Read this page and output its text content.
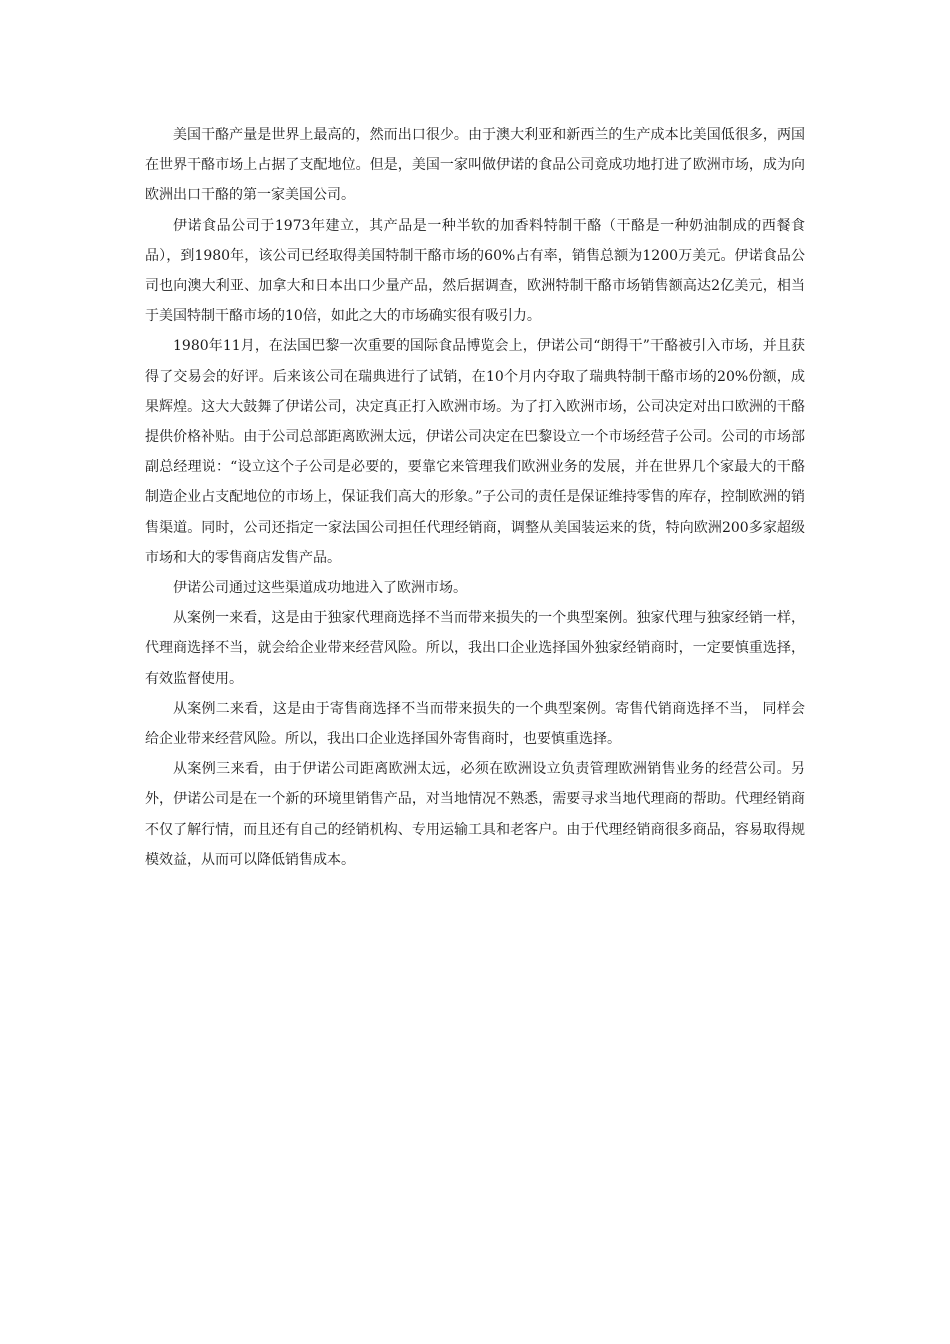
美国干酪产量是世界上最高的，然而出口很少。由于澳大利亚和新西兰的生产成本比美国低很多，两国在世界干酪市场上占据了支配地位。但是，美国一家叫做伊诺的食品公司竟成功地打进了欧洲市场，成为向欧洲出口干酪的第一家美国公司。

伊诺食品公司于1973年建立，其产品是一种半软的加香料特制干酪（干酪是一种奶油制成的西餐食品），到1980年，该公司已经取得美国特制干酪市场的60%占有率，销售总额为1200万美元。伊诺食品公司也向澳大利亚、加拿大和日本出口少量产品，然后据调查，欧洲特制干酪市场销售额高达2亿美元，相当于美国特制干酪市场的10倍，如此之大的市场确实很有吸引力。

1980年11月，在法国巴黎一次重要的国际食品博览会上，伊诺公司“朗得干”干酪被引入市场，并且获得了交易会的好评。后来该公司在瑞典进行了试销，在10个月内夺取了瑞典特制干酪市场的20%份额，成果辉煌。这大大鼓舞了伊诺公司，决定真正打入欧洲市场。为了打入欧洲市场，公司决定对出口欧洲的干酪提供价格补贴。由于公司总部距离欧洲太远，伊诺公司决定在巴黎设立一个市场经营子公司。公司的市场部副总经理说：“设立这个子公司是必要的，要靠它来管理我们欧洲业务的发展，并在世界几个家最大的干酪制造企业占支配地位的市场上，保证我们高大的形象。”子公司的责任是保证维持零售的库存，控制欧洲的销售渠道。同时，公司还指定一家法国公司担任代理经销商，调整从美国装运来的货，特向欧洲200多家超级市场和大的零售商店发售产品。

伊诺公司通过这些渠道成功地进入了欧洲市场。

从案例一来看，这是由于独家代理商选择不当而带来损失的一个典型案例。独家代理与独家经销一样，代理商选择不当，就会给企业带来经营风险。所以，我出口企业选择国外独家经销商时，一定要慎重选择，有效监督使用。

从案例二来看，这是由于寄售商选择不当而带来损失的一个典型案例。寄售代销商选择不当， 同样会给企业带来经营风险。所以，我出口企业选择国外寄售商时，也要慎重选择。

从案例三来看，由于伊诺公司距离欧洲太远，必须在欧洲设立负责管理欧洲销售业务的经营公司。另外，伊诺公司是在一个新的环境里销售产品，对当地情况不熟悉，需要寻求当地代理商的帮助。代理经销商不仅了解行情，而且还有自己的经销机构、专用运输工具和老客户。由于代理经销商很多商品，容易取得规模效益，从而可以降低销售成本。
